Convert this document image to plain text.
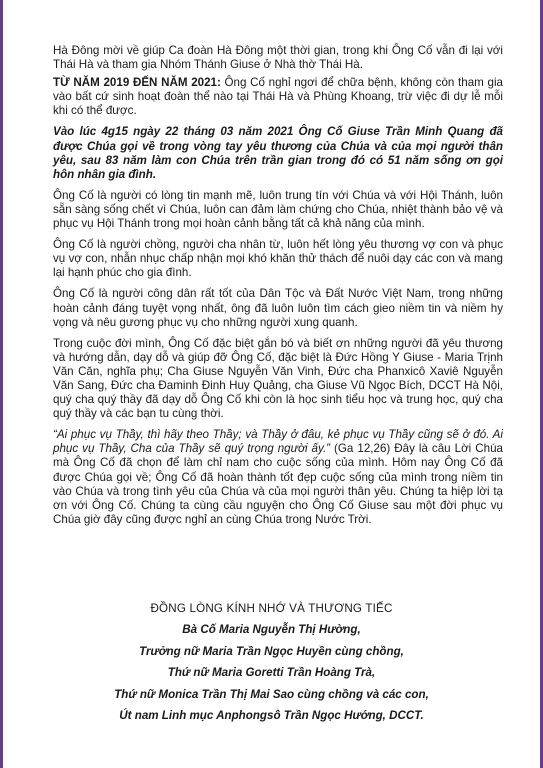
Hà Đông mời về giúp Ca đoàn Hà Đông một thời gian, trong khi Ông Cố vẫn đi lại với Thái Hà và tham gia Nhóm Thánh Giuse ở Nhà thờ Thái Hà.

TỪ NĂM 2019 ĐẾN NĂM 2021: Ông Cố nghỉ ngơi để chữa bệnh, không còn tham gia vào bất cứ sinh hoạt đoàn thể nào tại Thái Hà và Phùng Khoang, trừ việc đi dự lễ mỗi khi có thể được.

Vào lúc 4g15 ngày 22 tháng 03 năm 2021 Ông Cố Giuse Trần Minh Quang đã được Chúa gọi về trong vòng tay yêu thương của Chúa và của mọi người thân yêu, sau 83 năm làm con Chúa trên trần gian trong đó có 51 năm sống ơn gọi hôn nhân gia đình.

Ông Cố là người có lòng tin mạnh mẽ, luôn trung tín với Chúa và với Hội Thánh, luôn sẵn sàng sống chết vì Chúa, luôn can đảm làm chứng cho Chúa, nhiệt thành bảo vệ và phục vụ Hội Thánh trong mọi hoàn cảnh bằng tất cả khả năng của mình.

Ông Cố là người chồng, người cha nhân từ, luôn hết lòng yêu thương vợ con và phục vụ vợ con, nhẫn nhục chấp nhận mọi khó khăn thử thách để nuôi dạy các con và mang lại hạnh phúc cho gia đình.

Ông Cố là người công dân rất tốt của Dân Tộc và Đất Nước Việt Nam, trong những hoàn cảnh đáng tuyệt vọng nhất, ông đã luôn luôn tìm cách gieo niềm tin và niềm hy vọng và nêu gương phục vụ cho những người xung quanh.

Trong cuộc đời mình, Ông Cố đặc biệt gắn bó và biết ơn những người đã yêu thương và hướng dẫn, dạy dỗ và giúp đỡ Ông Cố, đặc biệt là Đức Hồng Y Giuse - Maria Trịnh Văn Căn, nghĩa phụ; Cha Giuse Nguyễn Văn Vinh, Đức cha Phanxicô Xaviê Nguyễn Văn Sang, Đức cha Đaminh Đinh Huy Quảng, cha Giuse Vũ Ngọc Bích, DCCT Hà Nội, quý cha quý thầy đã dạy dỗ Ông Cố khi còn là học sinh tiểu học và trung học, quý cha quý thầy và các bạn tu cùng thời.

“Ai phục vụ Thầy, thì hãy theo Thầy; và Thầy ở đâu, kẻ phục vụ Thầy cũng sẽ ở đó. Ai phục vụ Thầy, Cha của Thầy sẽ quý trọng người ấy.” (Ga 12,26) Đây là câu Lời Chúa mà Ông Cố đã chọn để làm chỉ nam cho cuộc sống của mình. Hôm nay Ông Cố đã được Chúa gọi về; Ông Cố đã hoàn thành tốt đẹp cuộc sống của mình trong niềm tin vào Chúa và trong tình yêu của Chúa và của mọi người thân yêu. Chúng ta hiệp lời tạ ơn với Ông Cố. Chúng ta cùng cầu nguyện cho Ông Cố Giuse sau một đời phục vụ Chúa giờ đây cũng được nghỉ an cùng Chúa trong Nước Trời.

ĐỒNG LÒNG KÍNH NHỚ VÀ THƯƠNG TIẾC
Bà Cố Maria Nguyễn Thị Hường,
Trưởng nữ Maria Trần Ngọc Huyền cùng chồng,
Thứ nữ Maria Goretti Trần Hoàng Trà,
Thứ nữ Monica Trần Thị Mai Sao cùng chồng và các con,
Út nam Linh mục Anphongsô Trần Ngọc Hướng, DCCT.
